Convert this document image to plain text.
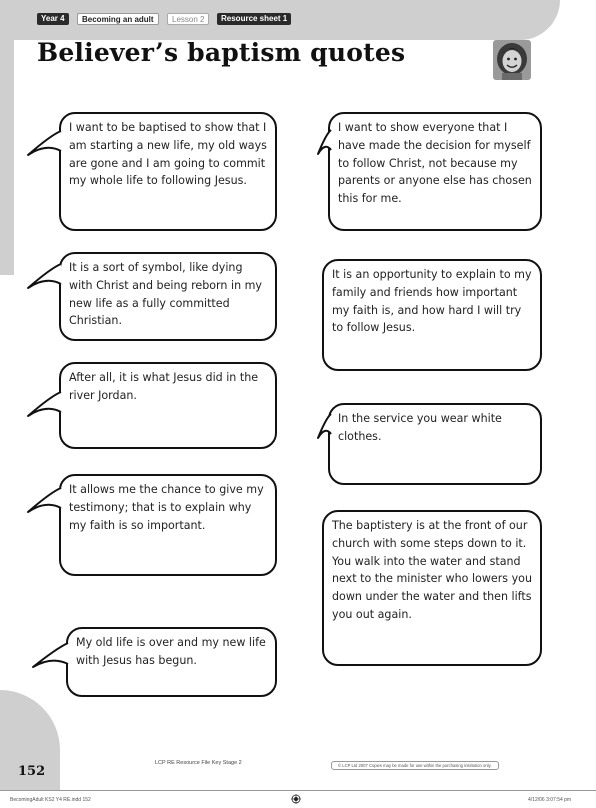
Year 4	Becoming an adult	Lesson 2	Resource sheet 1
Believer’s baptism quotes
I want to be baptised to show that I am starting a new life, my old ways are gone and I am going to commit my whole life to following Jesus.
It is a sort of symbol, like dying with Christ and being reborn in my new life as a fully committed Christian.
After all, it is what Jesus did in the river Jordan.
It allows me the chance to give my testimony; that is to explain why my faith is so important.
My old life is over and my new life with Jesus has begun.
I want to show everyone that I have made the decision for myself to follow Christ, not because my parents or anyone else has chosen this for me.
It is an opportunity to explain to my family and friends how important my faith is, and how hard I will try to follow Jesus.
In the service you wear white clothes.
The baptistery is at the front of our church with some steps down to it. You walk into the water and stand next to the minister who lowers you down under the water and then lifts you out again.
LCP RE Resource File Key Stage 2	© LCP Ltd 2007 Copies may be made for use within the purchasing institution only.
152
BecomingAdult KS2 Y4 RE.indd 152	4/12/06 3:07:54 pm
